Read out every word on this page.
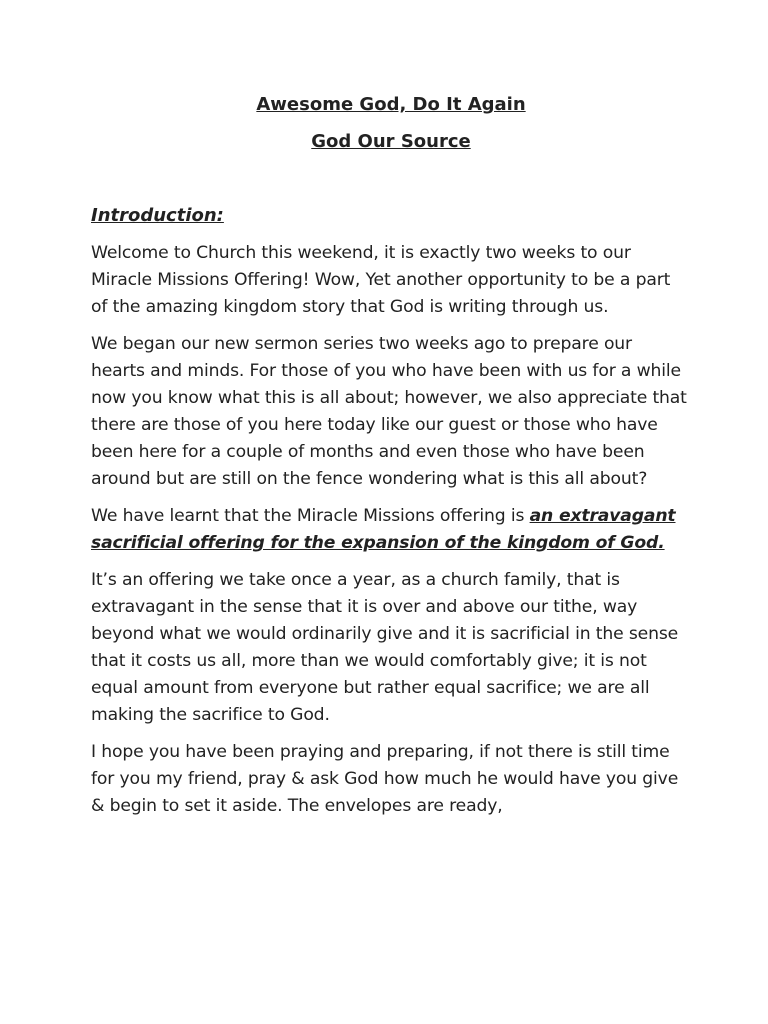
Awesome God, Do It Again
God Our Source
Introduction:

Welcome to Church this weekend, it is exactly two weeks to our Miracle Missions Offering! Wow, Yet another opportunity to be a part of the amazing kingdom story that God is writing through us.

We began our new sermon series two weeks ago to prepare our hearts and minds. For those of you who have been with us for a while now you know what this is all about; however, we also appreciate that there are those of you here today like our guest or those who have been here for a couple of months and even those who have been around but are still on the fence wondering what is this all about?

We have learnt that the Miracle Missions offering is an extravagant sacrificial offering for the expansion of the kingdom of God.

It’s an offering we take once a year, as a church family, that is extravagant in the sense that it is over and above our tithe, way beyond what we would ordinarily give and it is sacrificial in the sense that it costs us all, more than we would comfortably give; it is not equal amount from everyone but rather equal sacrifice; we are all making the sacrifice to God.

I hope you have been praying and preparing, if not there is still time for you my friend, pray & ask God how much he would have you give & begin to set it aside. The envelopes are ready,
